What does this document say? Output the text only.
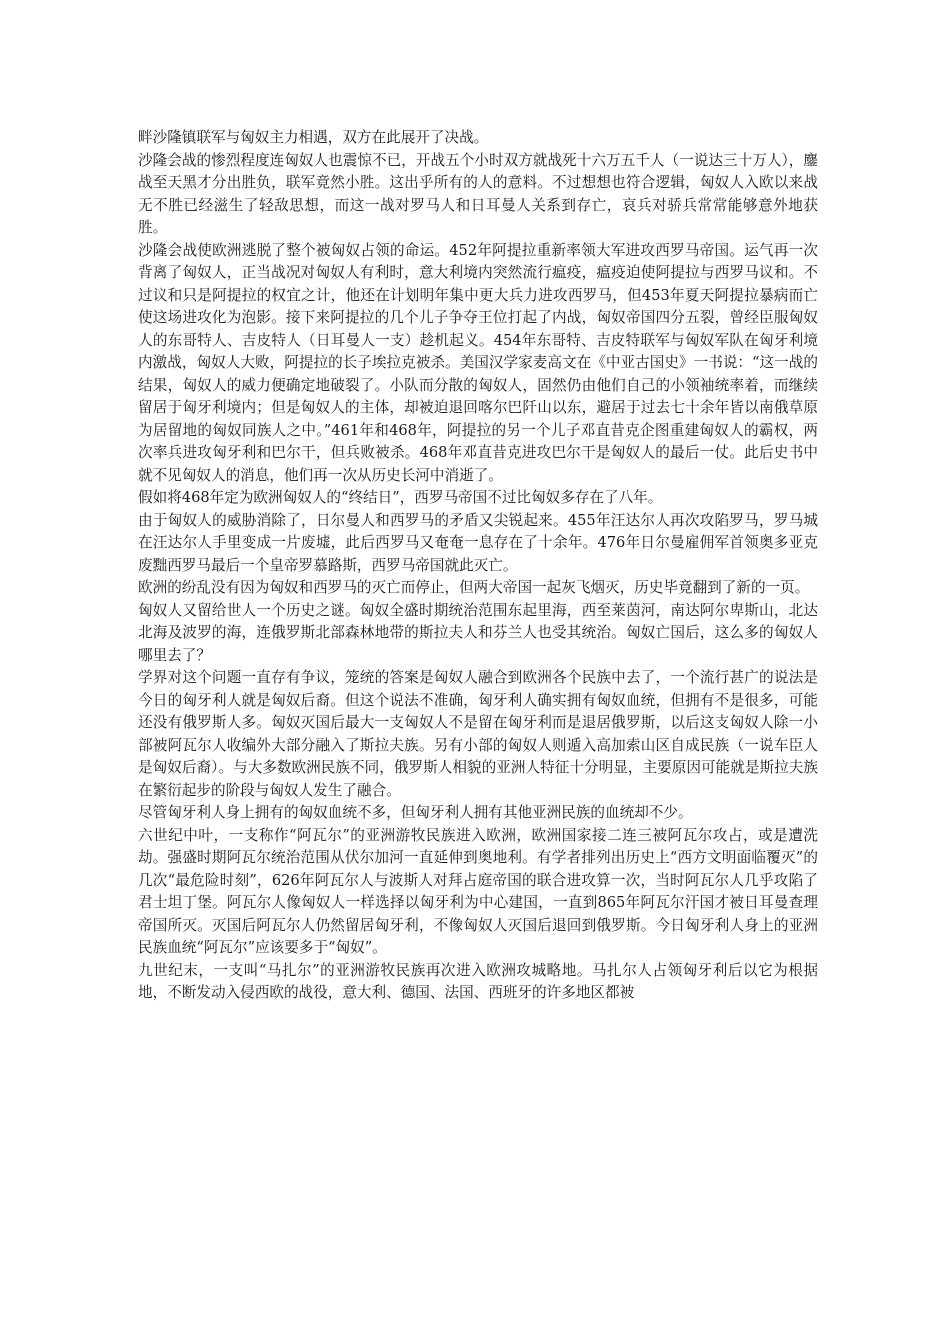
畔沙隆镇联军与匈奴主力相遇，双方在此展开了决战。

沙隆会战的惨烈程度连匈奴人也震惊不已，开战五个小时双方就战死十六万五千人（一说达三十万人），鏖战至天黑才分出胜负，联军竟然小胜。这出乎所有的人的意料。不过想想也符合逻辑，匈奴人入欧以来战无不胜已经滋生了轻敌思想，而这一战对罗马人和日耳曼人关系到存亡，哀兵对骄兵常常能够意外地获胜。

沙隆会战使欧洲逃脱了整个被匈奴占领的命运。452年阿提拉重新率领大军进攻西罗马帝国。运气再一次背离了匈奴人，正当战况对匈奴人有利时，意大利境内突然流行瘟疫，瘟疫迫使阿提拉与西罗马议和。不过议和只是阿提拉的权宜之计，他还在计划明年集中更大兵力进攻西罗马，但453年夏天阿提拉暴病而亡使这场进攻化为泡影。接下来阿提拉的几个儿子争夺王位打起了内战，匈奴帝国四分五裂，曾经臣服匈奴人的东哥特人、吉皮特人（日耳曼人一支）趁机起义。454年东哥特、吉皮特联军与匈奴军队在匈牙利境内激战，匈奴人大败，阿提拉的长子埃拉克被杀。美国汉学家麦高文在《中亚古国史》一书说：“这一战的结果，匈奴人的威力便确定地破裂了。小队而分散的匈奴人，固然仍由他们自己的小领袖统率着，而继续留居于匈牙利境内；但是匈奴人的主体，却被迫退回喀尔巴阡山以东，避居于过去七十余年皆以南俄草原为居留地的匈奴同族人之中。”461年和468年，阿提拉的另一个儿子邓直昔克企图重建匈奴人的霸权，两次率兵进攻匈牙利和巴尔干，但兵败被杀。468年邓直昔克进攻巴尔干是匈奴人的最后一仗。此后史书中就不见匈奴人的消息，他们再一次从历史长河中消逝了。

假如将468年定为欧洲匈奴人的“终结日”，西罗马帝国不过比匈奴多存在了八年。

由于匈奴人的威胁消除了，日尔曼人和西罗马的矛盾又尖锐起来。455年汪达尔人再次攻陷罗马，罗马城在汪达尔人手里变成一片废墟，此后西罗马又奄奄一息存在了十余年。476年日尔曼雇佣军首领奥多亚克废黜西罗马最后一个皇帝罗慕路斯，西罗马帝国就此灭亡。

欧洲的纷乱没有因为匈奴和西罗马的灭亡而停止，但两大帝国一起灰飞烟灭，历史毕竟翻到了新的一页。

匈奴人又留给世人一个历史之谜。匈奴全盛时期统治范围东起里海，西至莱茵河，南达阿尔卑斯山，北达北海及波罗的海，连俄罗斯北部森林地带的斯拉夫人和芬兰人也受其统治。匈奴亡国后，这么多的匈奴人哪里去了？

学界对这个问题一直存有争议，笼统的答案是匈奴人融合到欧洲各个民族中去了，一个流行甚广的说法是今日的匈牙利人就是匈奴后裔。但这个说法不准确，匈牙利人确实拥有匈奴血统，但拥有不是很多，可能还没有俄罗斯人多。匈奴灭国后最大一支匈奴人不是留在匈牙利而是退居俄罗斯，以后这支匈奴人除一小部被阿瓦尔人收编外大部分融入了斯拉夫族。另有小部的匈奴人则遁入高加索山区自成民族（一说车臣人是匈奴后裔）。与大多数欧洲民族不同，俄罗斯人相貌的亚洲人特征十分明显，主要原因可能就是斯拉夫族在繁衍起步的阶段与匈奴人发生了融合。

尽管匈牙利人身上拥有的匈奴血统不多，但匈牙利人拥有其他亚洲民族的血统却不少。

六世纪中叶，一支称作“阿瓦尔”的亚洲游牧民族进入欧洲，欧洲国家接二连三被阿瓦尔攻占，或是遭洗劫。强盛时期阿瓦尔统治范围从伏尔加河一直延伸到奥地利。有学者排列出历史上“西方文明面临覆灭”的几次“最危险时刻”，626年阿瓦尔人与波斯人对拜占庭帝国的联合进攻算一次，当时阿瓦尔人几乎攻陷了君士坦丁堡。阿瓦尔人像匈奴人一样选择以匈牙利为中心建国，一直到865年阿瓦尔汗国才被日耳曼查理帝国所灭。灭国后阿瓦尔人仍然留居匈牙利，不像匈奴人灭国后退回到俄罗斯。今日匈牙利人身上的亚洲民族血统“阿瓦尔”应该要多于“匈奴”。

九世纪末，一支叫“马扎尔”的亚洲游牧民族再次进入欧洲攻城略地。马扎尔人占领匈牙利后以它为根据地，不断发动入侵西欧的战役，意大利、德国、法国、西班牙的许多地区都被
